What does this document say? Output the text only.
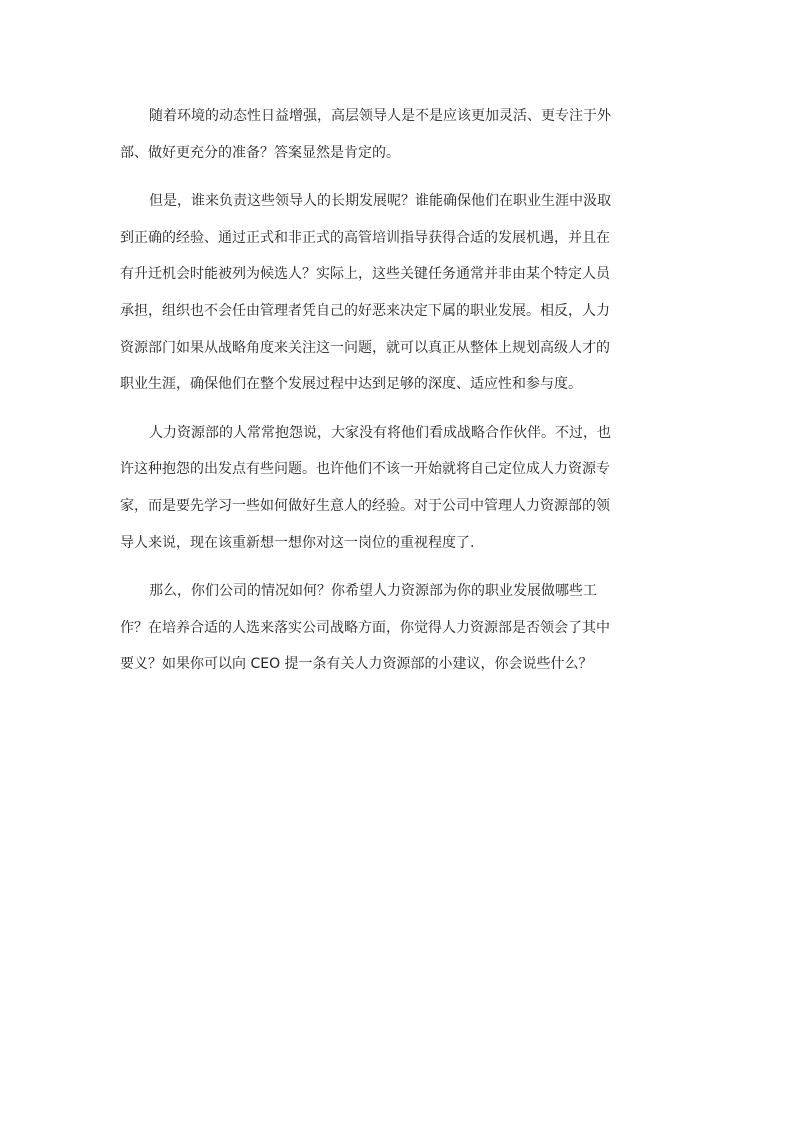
随着环境的动态性日益增强，高层领导人是不是应该更加灵活、更专注于外
部、做好更充分的准备？答案显然是肯定的。
但是，谁来负责这些领导人的长期发展呢？谁能确保他们在职业生涯中汲取
到正确的经验、通过正式和非正式的高管培训指导获得合适的发展机遇，并且在
有升迁机会时能被列为候选人？实际上，这些关键任务通常并非由某个特定人员
承担，组织也不会任由管理者凭自己的好恶来决定下属的职业发展。相反，人力
资源部门如果从战略角度来关注这一问题，就可以真正从整体上规划高级人才的
职业生涯，确保他们在整个发展过程中达到足够的深度、适应性和参与度。
人力资源部的人常常抱怨说，大家没有将他们看成战略合作伙伴。不过，也
许这种抱怨的出发点有些问题。也许他们不该一开始就将自己定位成人力资源专
家，而是要先学习一些如何做好生意人的经验。对于公司中管理人力资源部的领
导人来说，现在该重新想一想你对这一岗位的重视程度了.
那么，你们公司的情况如何？你希望人力资源部为你的职业发展做哪些工
作？在培养合适的人选来落实公司战略方面，你觉得人力资源部是否领会了其中
要义？如果你可以向 CEO 提一条有关人力资源部的小建议，你会说些什么？
